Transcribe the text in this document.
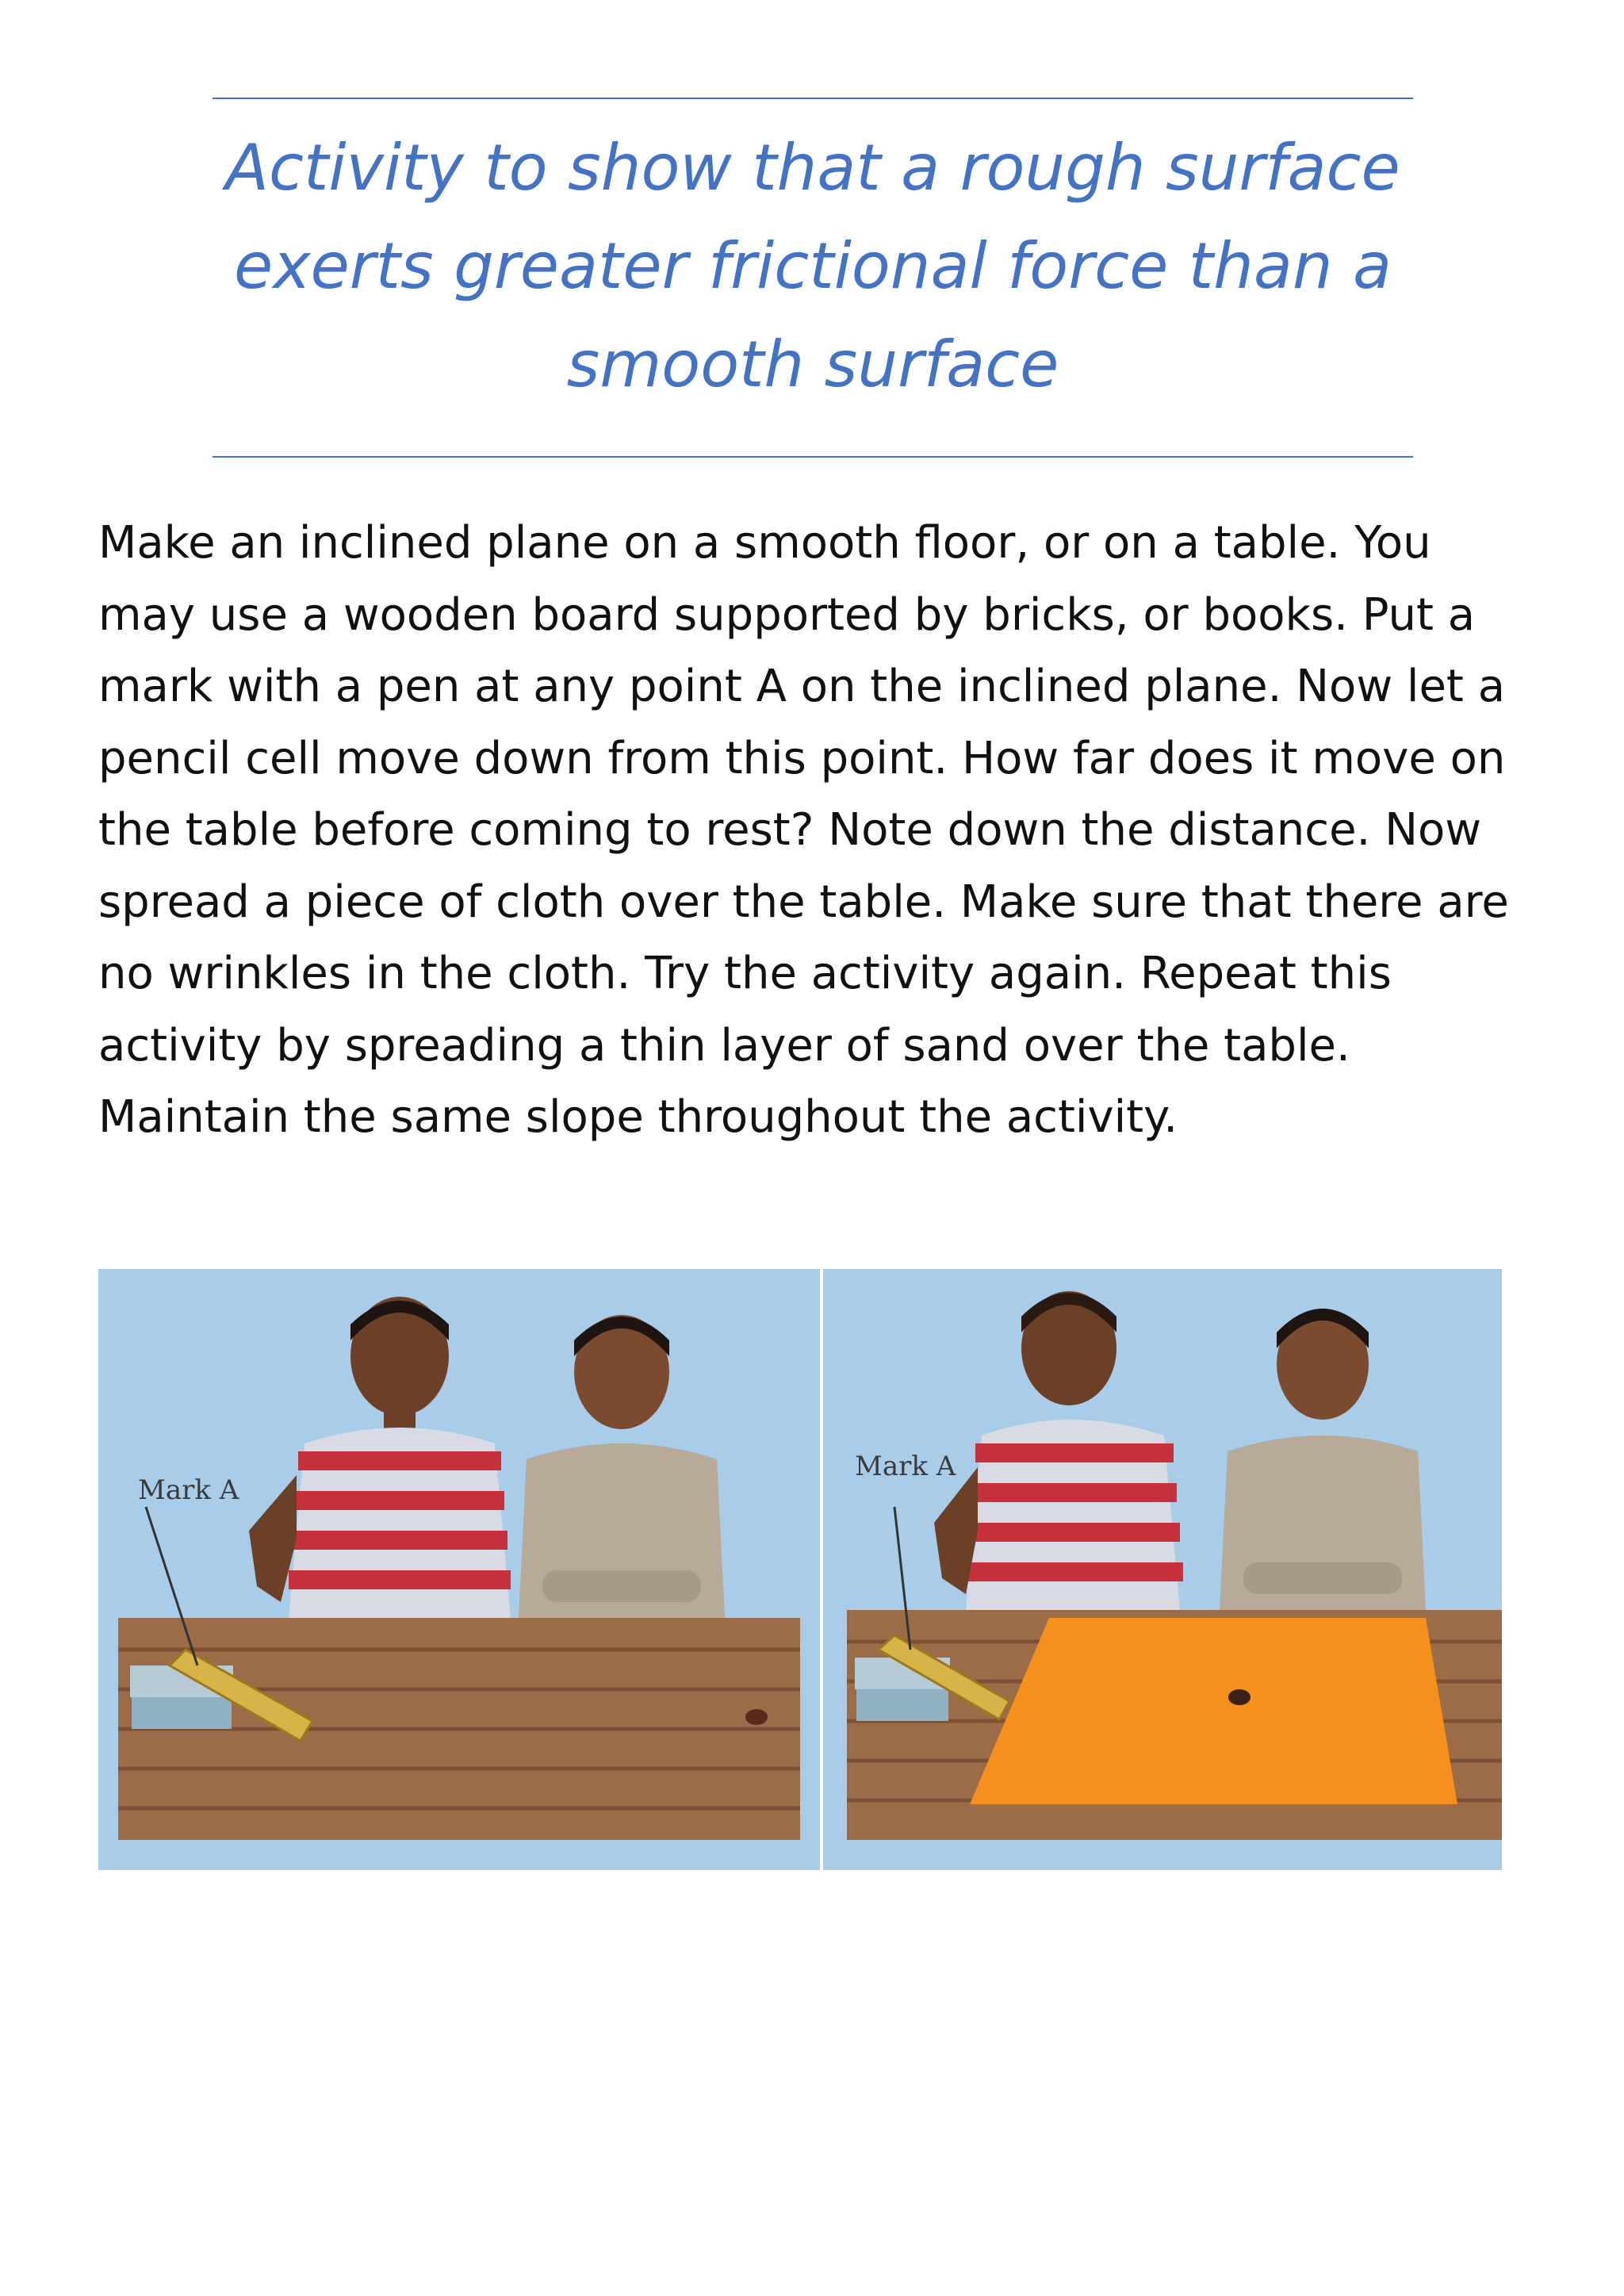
Activity to show that a rough surface exerts greater frictional force than a smooth surface

Make an inclined plane on a smooth floor, or on a table. You may use a wooden board supported by bricks, or books. Put a mark with a pen at any point A on the inclined plane. Now let a pencil cell move down from this point. How far does it move on the table before coming to rest? Note down the distance. Now spread a piece of cloth over the table. Make sure that there are no wrinkles in the cloth. Try the activity again. Repeat this activity by spreading a thin layer of sand over the table. Maintain the same slope throughout the activity.

Mark A
Mark A
